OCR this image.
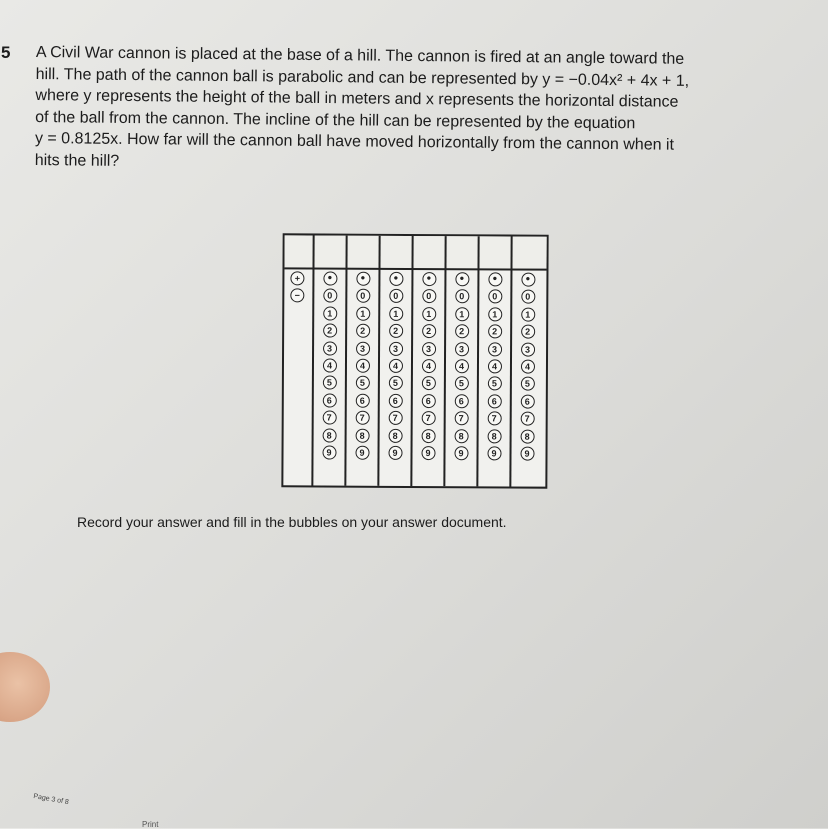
5 A Civil War cannon is placed at the base of a hill. The cannon is fired at an angle toward the
hill. The path of the cannon ball is parabolic and can be represented by y = −0.04x² + 4x + 1,
where y represents the height of the ball in meters and x represents the horizontal distance
of the ball from the cannon. The incline of the hill can be represented by the equation
y = 0.8125x. How far will the cannon ball have moved horizontally from the cannon when it
hits the hill?
+
−
•
0
1
2
3
4
5
6
7
8
9
•
0
1
2
3
4
5
6
7
8
9
•
0
1
2
3
4
5
6
7
8
9
•
0
1
2
3
4
5
6
7
8
9
•
0
1
2
3
4
5
6
7
8
9
•
0
1
2
3
4
5
6
7
8
9
•
0
1
2
3
4
5
6
7
8
9
Record your answer and fill in the bubbles on your answer document.
Page 3 of 8
Print
